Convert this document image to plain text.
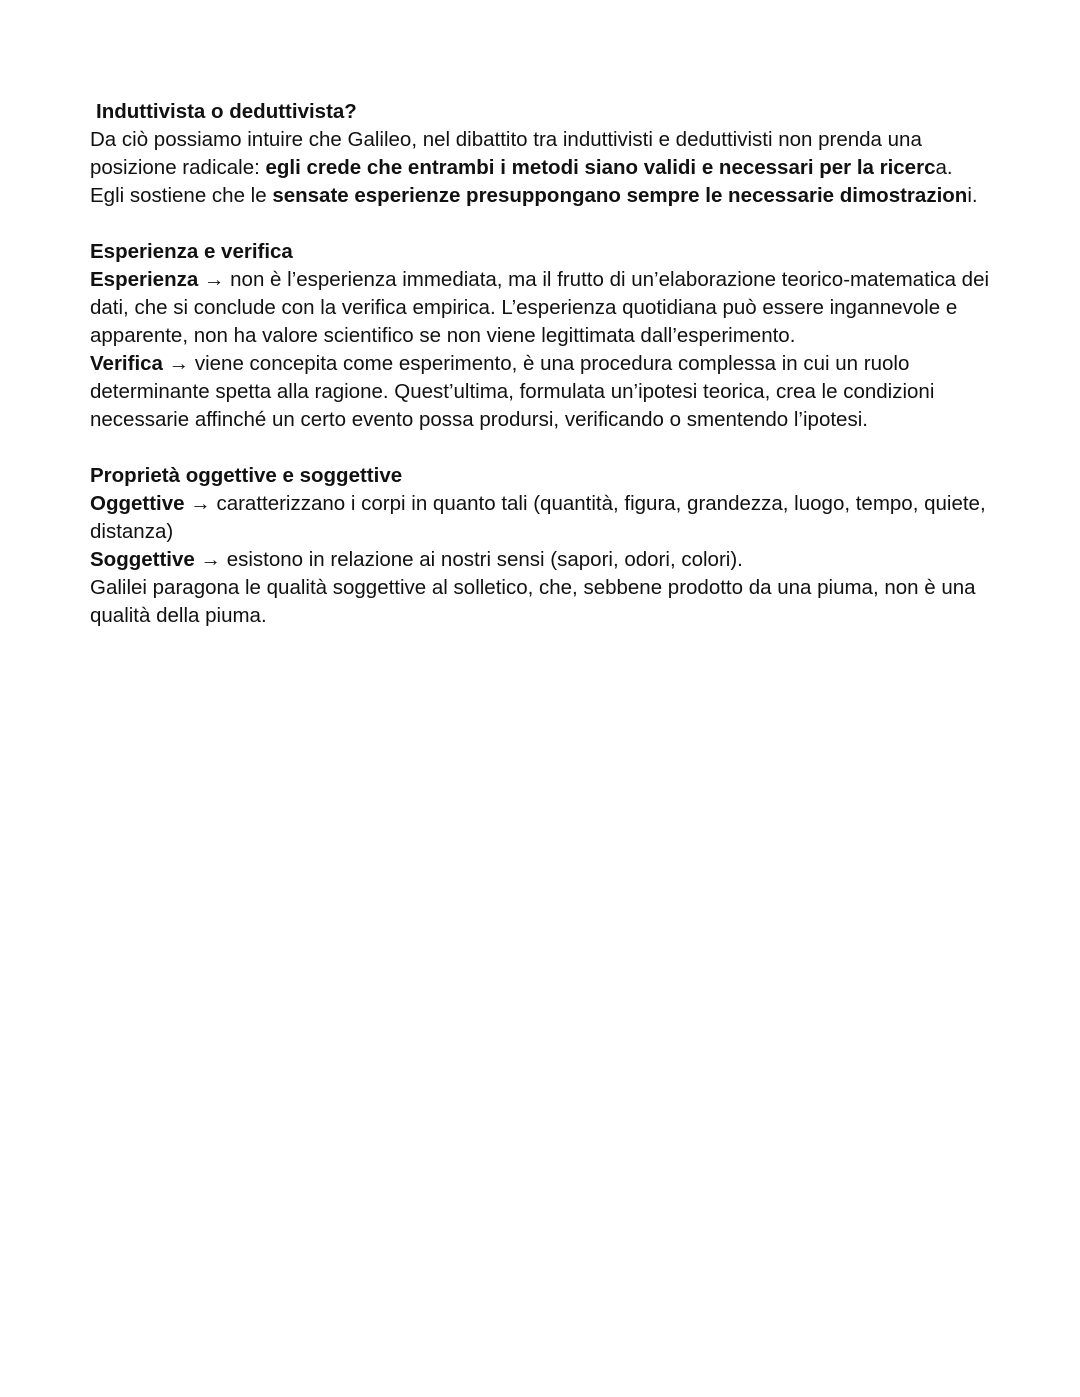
Induttivista o deduttivista?

Da ciò possiamo intuire che Galileo, nel dibattito tra induttivisti e deduttivisti non prenda una posizione radicale: egli crede che entrambi i metodi siano validi e necessari per la ricerca.

Egli sostiene che le sensate esperienze presuppongano sempre le necessarie dimostrazioni.

Esperienza e verifica

Esperienza → non è l’esperienza immediata, ma il frutto di un’elaborazione teorico-matematica dei dati, che si conclude con la verifica empirica. L’esperienza quotidiana può essere ingannevole e apparente, non ha valore scientifico se non viene legittimata dall’esperimento.

Verifica → viene concepita come esperimento, è una procedura complessa in cui un ruolo determinante spetta alla ragione. Quest’ultima, formulata un’ipotesi teorica, crea le condizioni necessarie affinché un certo evento possa prodursi, verificando o smentendo l’ipotesi.

Proprietà oggettive e soggettive

Oggettive → caratterizzano i corpi in quanto tali (quantità, figura, grandezza, luogo, tempo, quiete, distanza)

Soggettive → esistono in relazione ai nostri sensi (sapori, odori, colori).

Galilei paragona le qualità soggettive al solletico, che, sebbene prodotto da una piuma, non è una qualità della piuma.
